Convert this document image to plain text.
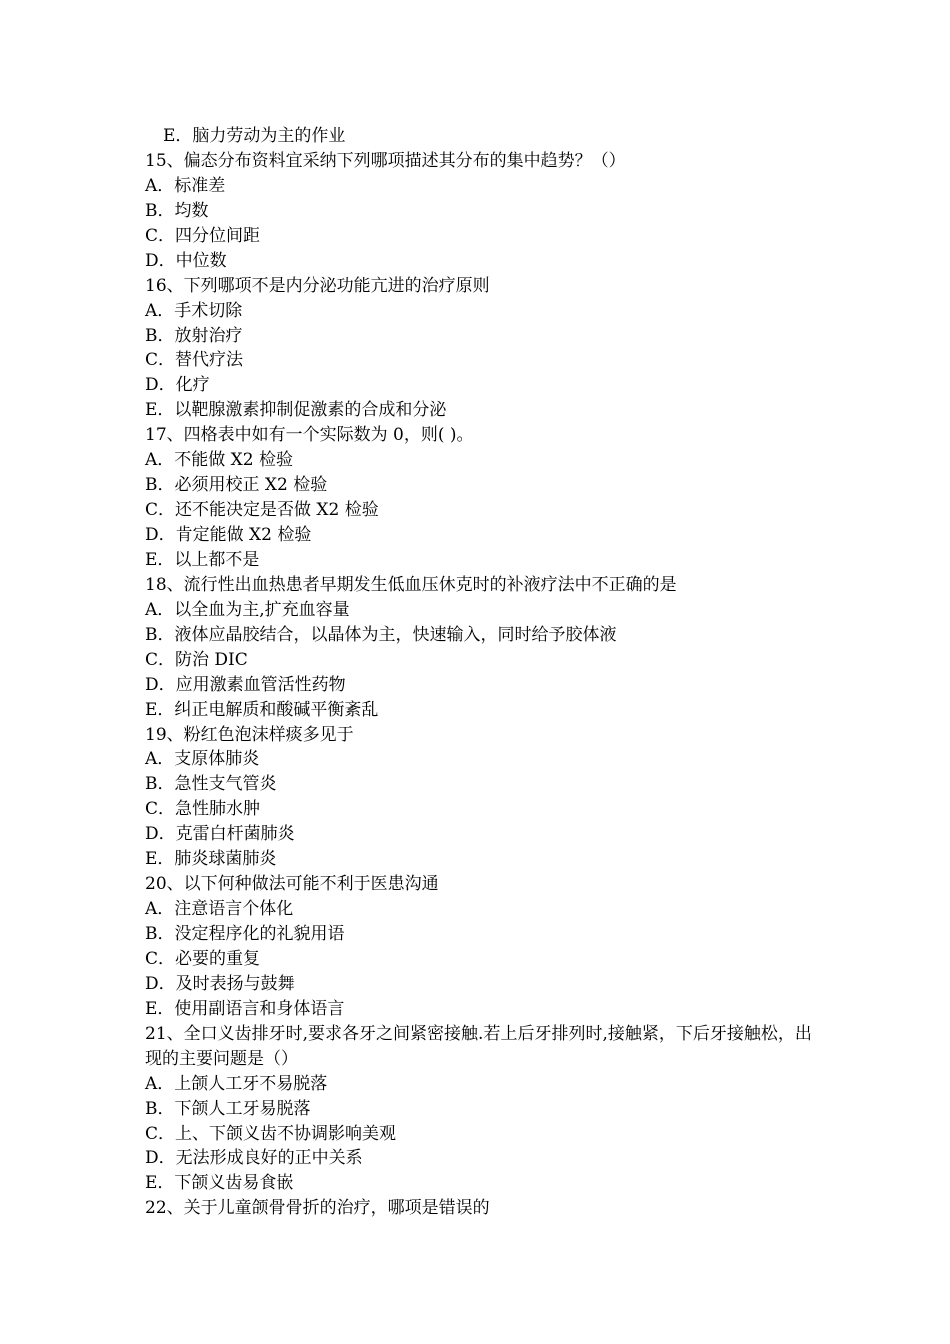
E．脑力劳动为主的作业
15、偏态分布资料宜采纳下列哪项描述其分布的集中趋势？（）
A．标准差
B．均数
C．四分位间距
D．中位数
16、下列哪项不是内分泌功能亢进的治疗原则
A．手术切除
B．放射治疗
C．替代疗法
D．化疗
E．以靶腺激素抑制促激素的合成和分泌
17、四格表中如有一个实际数为 0，则( )。
A．不能做 X2 检验
B．必须用校正 X2 检验
C．还不能决定是否做 X2 检验
D．肯定能做 X2 检验
E．以上都不是
18、流行性出血热患者早期发生低血压休克时的补液疗法中不正确的是
A．以全血为主,扩充血容量
B．液体应晶胶结合，以晶体为主，快速输入，同时给予胶体液
C．防治 DIC
D．应用激素血管活性药物
E．纠正电解质和酸碱平衡紊乱
19、粉红色泡沫样痰多见于
A．支原体肺炎
B．急性支气管炎
C．急性肺水肿
D．克雷白杆菌肺炎
E．肺炎球菌肺炎
20、以下何种做法可能不利于医患沟通
A．注意语言个体化
B．没定程序化的礼貌用语
C．必要的重复
D．及时表扬与鼓舞
E．使用副语言和身体语言
21、全口义齿排牙时,要求各牙之间紧密接触.若上后牙排列时,接触紧，下后牙接触松，出现的主要问题是（）
A．上颌人工牙不易脱落
B．下颌人工牙易脱落
C．上、下颌义齿不协调影响美观
D．无法形成良好的正中关系
E．下颌义齿易食嵌
22、关于儿童颌骨骨折的治疗，哪项是错误的
